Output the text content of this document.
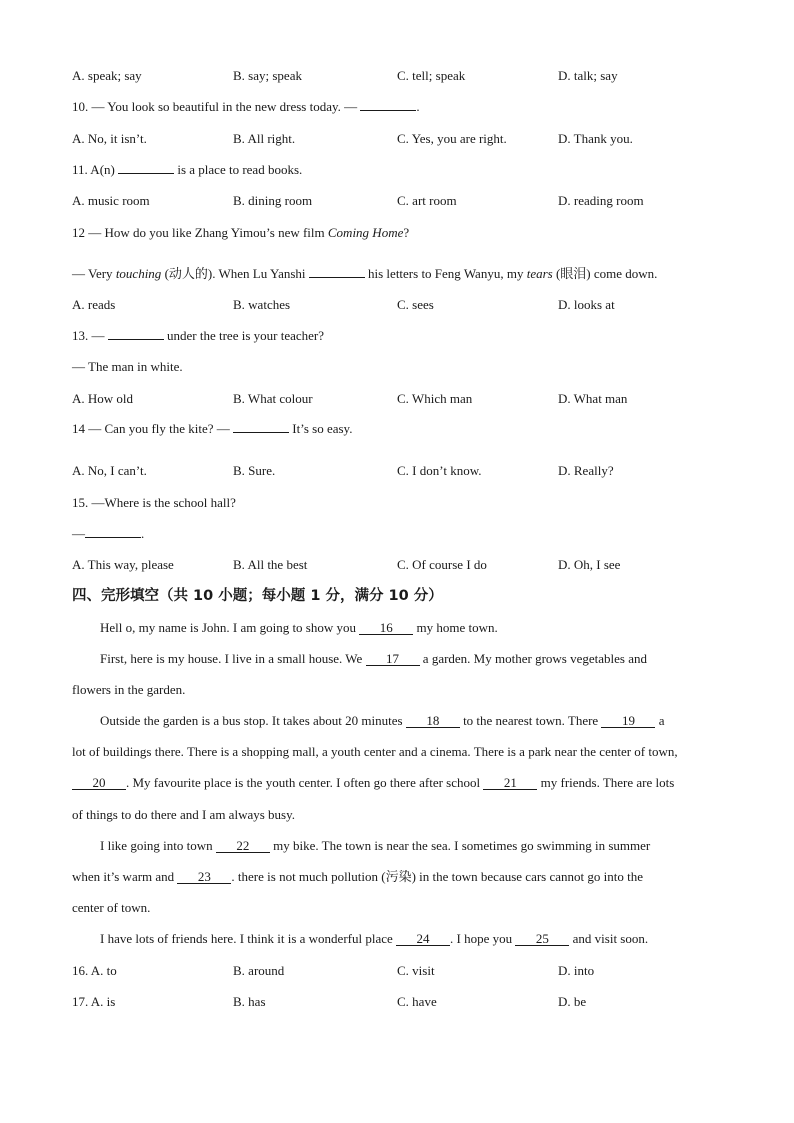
A. speak; say	B. say; speak	C. tell; speak	D. talk; say
10. — You look so beautiful in the new dress today. —	.
A. No, it isn’t.	B. All right.	C. Yes, you are right.	D. Thank you.
11. A(n)	is a place to read books.
A. music room	B. dining room	C. art room	D. reading room
12 — How do you like Zhang Yimou’s new film Coming Home?
— Very touching (动人的). When Lu Yanshi	his letters to Feng Wanyu, my tears (眼泪) come down.
A. reads	B. watches	C. sees	D. looks at
13. —	under the tree is your teacher?
— The man in white.
A. How old	B. What colour	C. Which man	D. What man
14 — Can you fly the kite? —	It’s so easy.
A. No, I can’t.	B. Sure.	C. I don’t know.	D. Really?
15. —Where is the school hall?
—	.
A. This way, please	B. All the best	C. Of course I do	D. Oh, I see
四、完形填空（共 10 小题；每小题 1 分，满分 10 分）
Hell o, my name is John. I am going to show you 16 my home town.
First, here is my house. I live in a small house. We 17 a garden. My mother grows vegetables and
flowers in the garden.
Outside the garden is a bus stop. It takes about 20 minutes 18 to the nearest town. There 19 a
lot of buildings there. There is a shopping mall, a youth center and a cinema. There is a park near the center of town,
20 . My favourite place is the youth center. I often go there after school 21 my friends. There are lots
of things to do there and I am always busy.
I like going into town 22 my bike. The town is near the sea. I sometimes go swimming in summer
when it’s warm and 23 . there is not much pollution (污染) in the town because cars cannot go into the
center of town.
I have lots of friends here. I think it is a wonderful place 24 . I hope you 25 and visit soon.
16. A. to	B. around	C. visit	D. into
17. A. is	B. has	C. have	D. be
